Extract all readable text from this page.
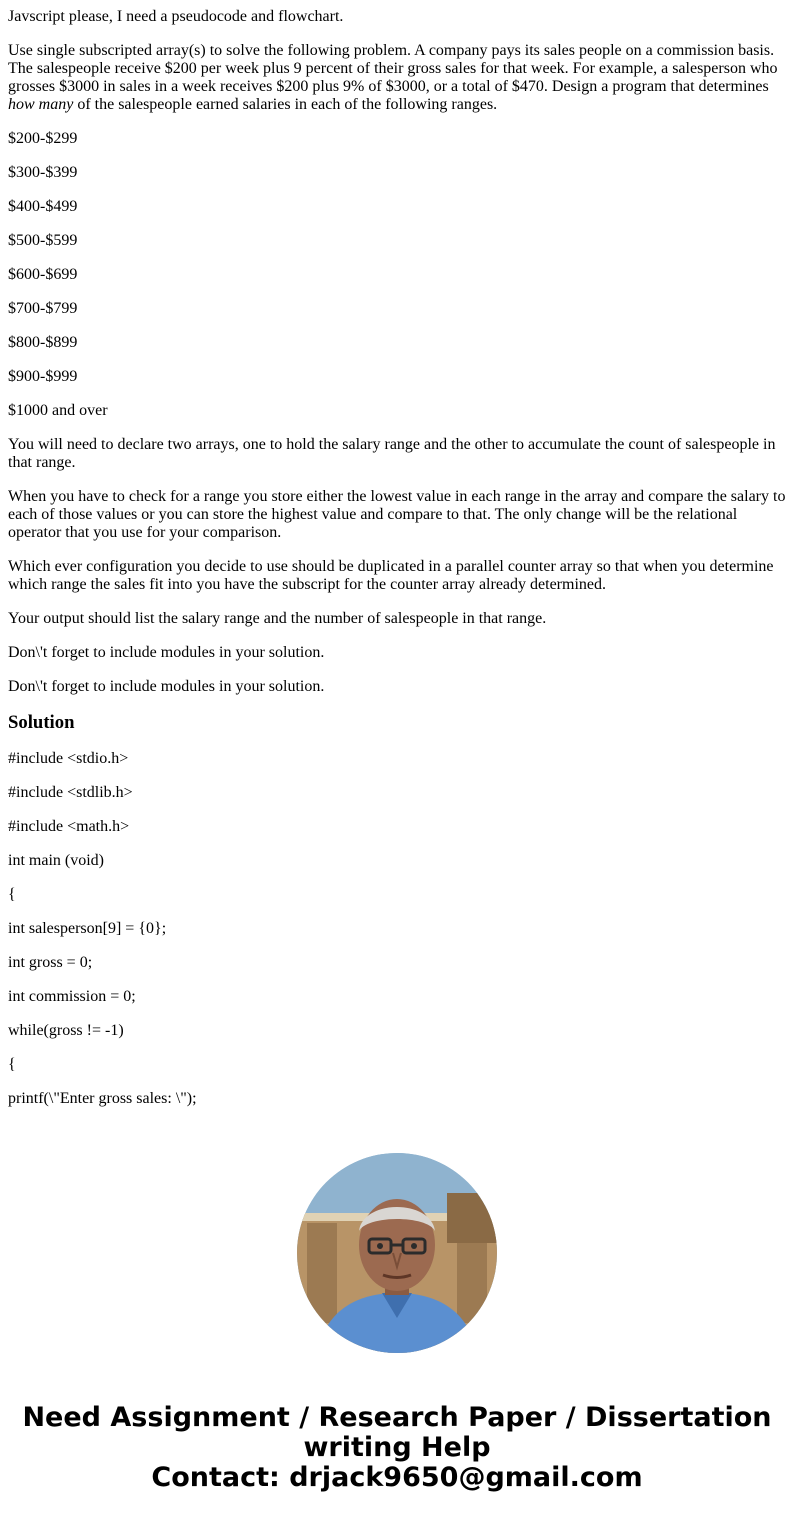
Javscript please, I need a pseudocode and flowchart.

Use single subscripted array(s) to solve the following problem. A company pays its sales people on a commission basis. The salespeople receive $200 per week plus 9 percent of their gross sales for that week. For example, a salesperson who grosses $3000 in sales in a week receives $200 plus 9% of $3000, or a total of $470. Design a program that determines how many of the salespeople earned salaries in each of the following ranges.

$200-$299

$300-$399

$400-$499

$500-$599

$600-$699

$700-$799

$800-$899

$900-$999

$1000 and over

You will need to declare two arrays, one to hold the salary range and the other to accumulate the count of salespeople in that range.

When you have to check for a range you store either the lowest value in each range in the array and compare the salary to each of those values or you can store the highest value and compare to that. The only change will be the relational operator that you use for your comparison.

Which ever configuration you decide to use should be duplicated in a parallel counter array so that when you determine which range the sales fit into you have the subscript for the counter array already determined.

Your output should list the salary range and the number of salespeople in that range.

Don\'t forget to include modules in your solution.

Don\'t forget to include modules in your solution.

Solution

#include <stdio.h>

#include <stdlib.h>

#include <math.h>

int main (void)

{

int salesperson[9] = {0};

int gross = 0;

int commission = 0;

while(gross != -1)

{

printf(\"Enter gross sales: \");

Need Assignment / Research Paper / Dissertation writing Help
Contact: drjack9650@gmail.com
